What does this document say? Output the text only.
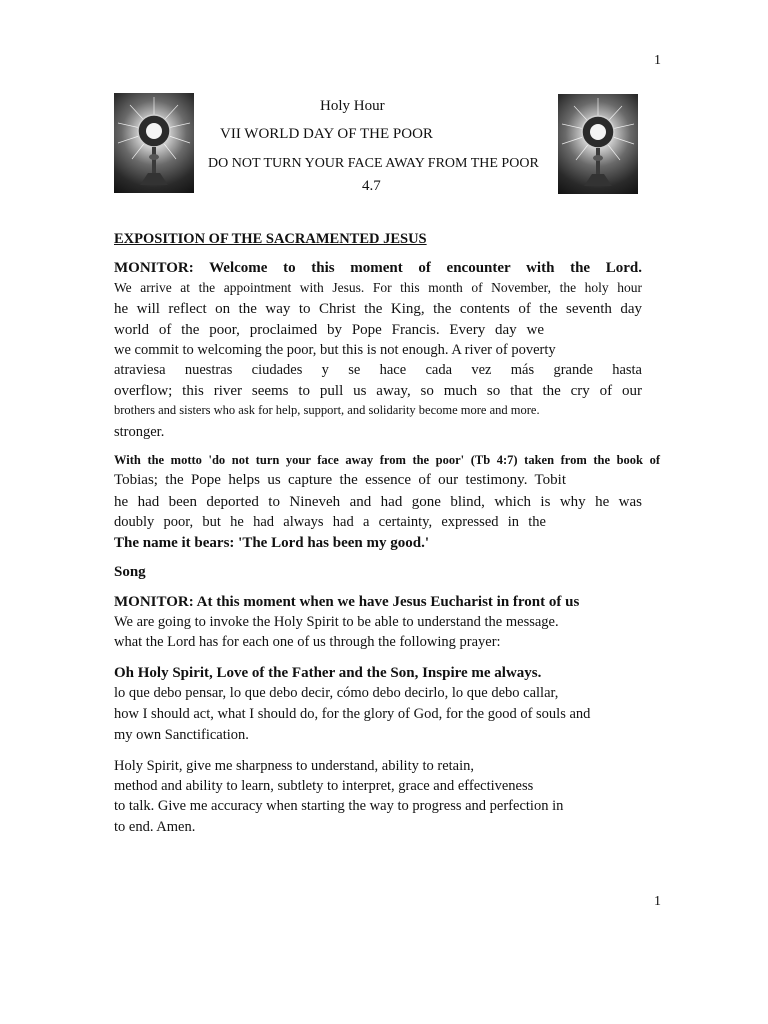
1
1
Holy Hour
VII WORLD DAY OF THE POOR
DO NOT TURN YOUR FACE AWAY FROM THE POOR
4.7
EXPOSITION OF THE SACRAMENTED JESUS
MONITOR: Welcome to this moment of encounter with the Lord.
We arrive at the appointment with Jesus. For this month of November, the holy hour
he will reflect on the way to Christ the King, the contents of the seventh day
world of the poor, proclaimed by Pope Francis. Every day we
we commit to welcoming the poor, but this is not enough. A river of poverty
atraviesa nuestras ciudades y se hace cada vez más grande hasta
overflow; this river seems to pull us away, so much so that the cry of our
brothers and sisters who ask for help, support, and solidarity become more and more.
stronger.
With the motto 'do not turn your face away from the poor' (Tb 4:7) taken from the book of
Tobias; the Pope helps us capture the essence of our testimony. Tobit
he had been deported to Nineveh and had gone blind, which is why he was
doubly poor, but he had always had a certainty, expressed in the
The name it bears: 'The Lord has been my good.'
Song
MONITOR: At this moment when we have Jesus Eucharist in front of us
We are going to invoke the Holy Spirit to be able to understand the message.
what the Lord has for each one of us through the following prayer:
Oh Holy Spirit, Love of the Father and the Son, Inspire me always.
lo que debo pensar, lo que debo decir, cómo debo decirlo, lo que debo callar,
how I should act, what I should do, for the glory of God, for the good of souls and
my own Sanctification.
Holy Spirit, give me sharpness to understand, ability to retain,
method and ability to learn, subtlety to interpret, grace and effectiveness
to talk. Give me accuracy when starting the way to progress and perfection in
to end. Amen.
